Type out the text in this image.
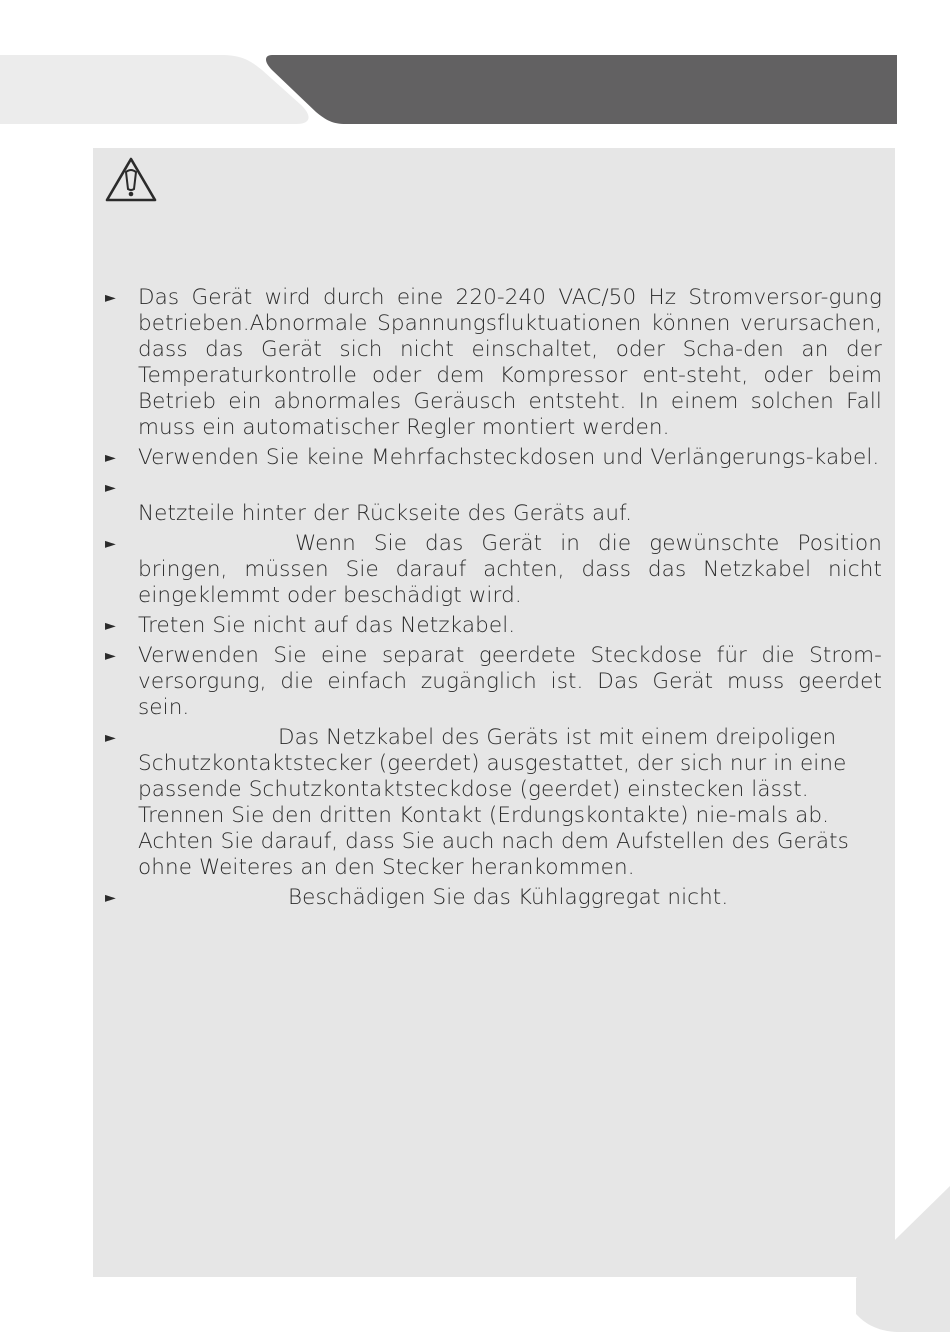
► Das Gerät wird durch eine 220-240 VAC/50 Hz Stromversor-gung betrieben.Abnormale Spannungsfluktuationen können verursachen, dass das Gerät sich nicht einschaltet, oder Scha-den an der Temperaturkontrolle oder dem Kompressor ent-steht, oder beim Betrieb ein abnormales Geräusch entsteht. In einem solchen Fall muss ein automatischer Regler montiert werden.
► Verwenden Sie keine Mehrfachsteckdosen und Verlängerungs-kabel.
►
Netzteile hinter der Rückseite des Geräts auf.
►	Wenn Sie das Gerät in die gewünschte Position bringen, müssen Sie darauf achten, dass das Netzkabel nicht eingeklemmt oder beschädigt wird.
► Treten Sie nicht auf das Netzkabel.
► Verwenden Sie eine separat geerdete Steckdose für die Strom-versorgung, die einfach zugänglich ist. Das Gerät muss geerdet sein.
►	Das Netzkabel des Geräts ist mit einem dreipoligen Schutzkontaktstecker (geerdet) ausgestattet, der sich nur in eine passende Schutzkontaktsteckdose (geerdet) einstecken lässt. Trennen Sie den dritten Kontakt (Erdungskontakte) nie-mals ab. Achten Sie darauf, dass Sie auch nach dem Aufstellen des Geräts ohne Weiteres an den Stecker herankommen.
►	Beschädigen Sie das Kühlaggregat nicht.
